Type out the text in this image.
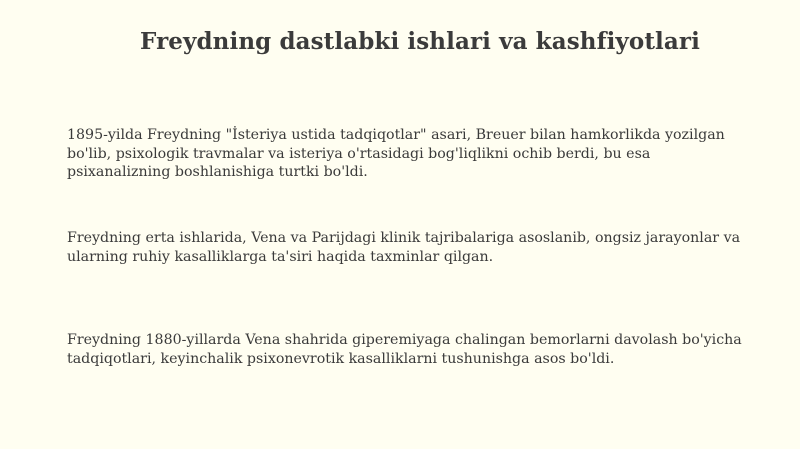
Freydning dastlabki ishlari va kashfiyotlari

1895-yilda Freydning "İsteriya ustida tadqiqotlar" asari, Breuer bilan hamkorlikda yozilgan
bo'lib, psixologik travmalar va isteriya o'rtasidagi bog'liqlikni ochib berdi, bu esa
psixanalizning boshlanishiga turtki bo'ldi.

Freydning erta ishlarida, Vena va Parijdagi klinik tajribalariga asoslanib, ongsiz jarayonlar va
ularning ruhiy kasalliklarga ta'siri haqida taxminlar qilgan.

Freydning 1880-yillarda Vena shahrida giperemiyaga chalingan bemorlarni davolash bo'yicha
tadqiqotlari, keyinchalik psixonevrotik kasalliklarni tushunishga asos bo'ldi.
